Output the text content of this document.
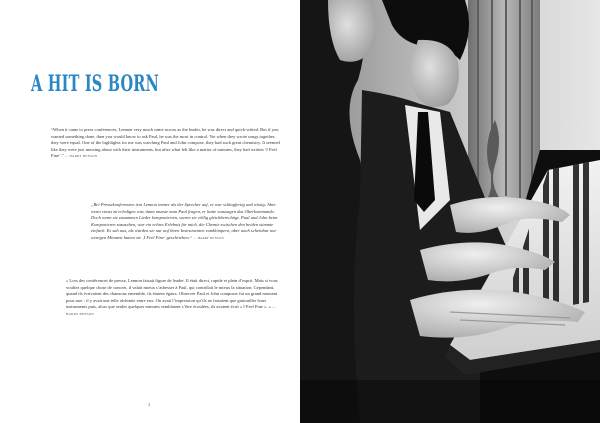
A HIT IS BORN

“When it came to press conferences, Lennon very much came across as the leader, he was direct and quick-witted. But if you wanted something done, then you would know to ask Paul, he was the most in control. Yet when they wrote songs together, they were equal. One of the highlights for me was watching Paul and John compose, they had such great chemistry. It seemed like they were just messing about with their instruments, but after what felt like a matter of minutes, they had written ‘I Feel Fine’.” — HARRY BENSON

„Bei Pressekonferenzen trat Lennon immer als der Sprecher auf, er war schlagfertig und witzig. Aber wenn etwas zu erledigen war, dann musste man Paul fragen, er hatte sozusagen das Oberkommando. Doch wenn sie zusammen Lieder komponierten, waren sie völlig gleichberechtigt. Paul und John beim Komponieren zuzusehen, war ein echtes Erlebnis für mich, die Chemie zwischen den beiden stimmte einfach. Es sah aus, als würden sie nur auf ihren Instrumenten rumklimpern, aber nach scheinbar nur wenigen Minuten hatten sie ‚I Feel Fine‘ geschrieben.“ — HARRY BENSON

« Lors des conférences de presse, Lennon faisait figure de leader. Il était direct, rapide et plein d’esprit. Mais si vous vouliez quelque chose de concret, il valait mieux s’adresser à Paul, qui contrôlait le mieux la situation. Cependant, quand ils écrivaient des chansons ensemble, ils étaient égaux. Observer Paul et John composer fut un grand moment pour moi : il y avait une telle alchimie entre eux. On avait l’impression qu’ils ne faisaient que gratouiller leurs instruments puis, alors que seules quelques minutes semblaient s’être écoulées, ils avaient écrit « I Feel Fine ». » — HARRY BENSON

4
